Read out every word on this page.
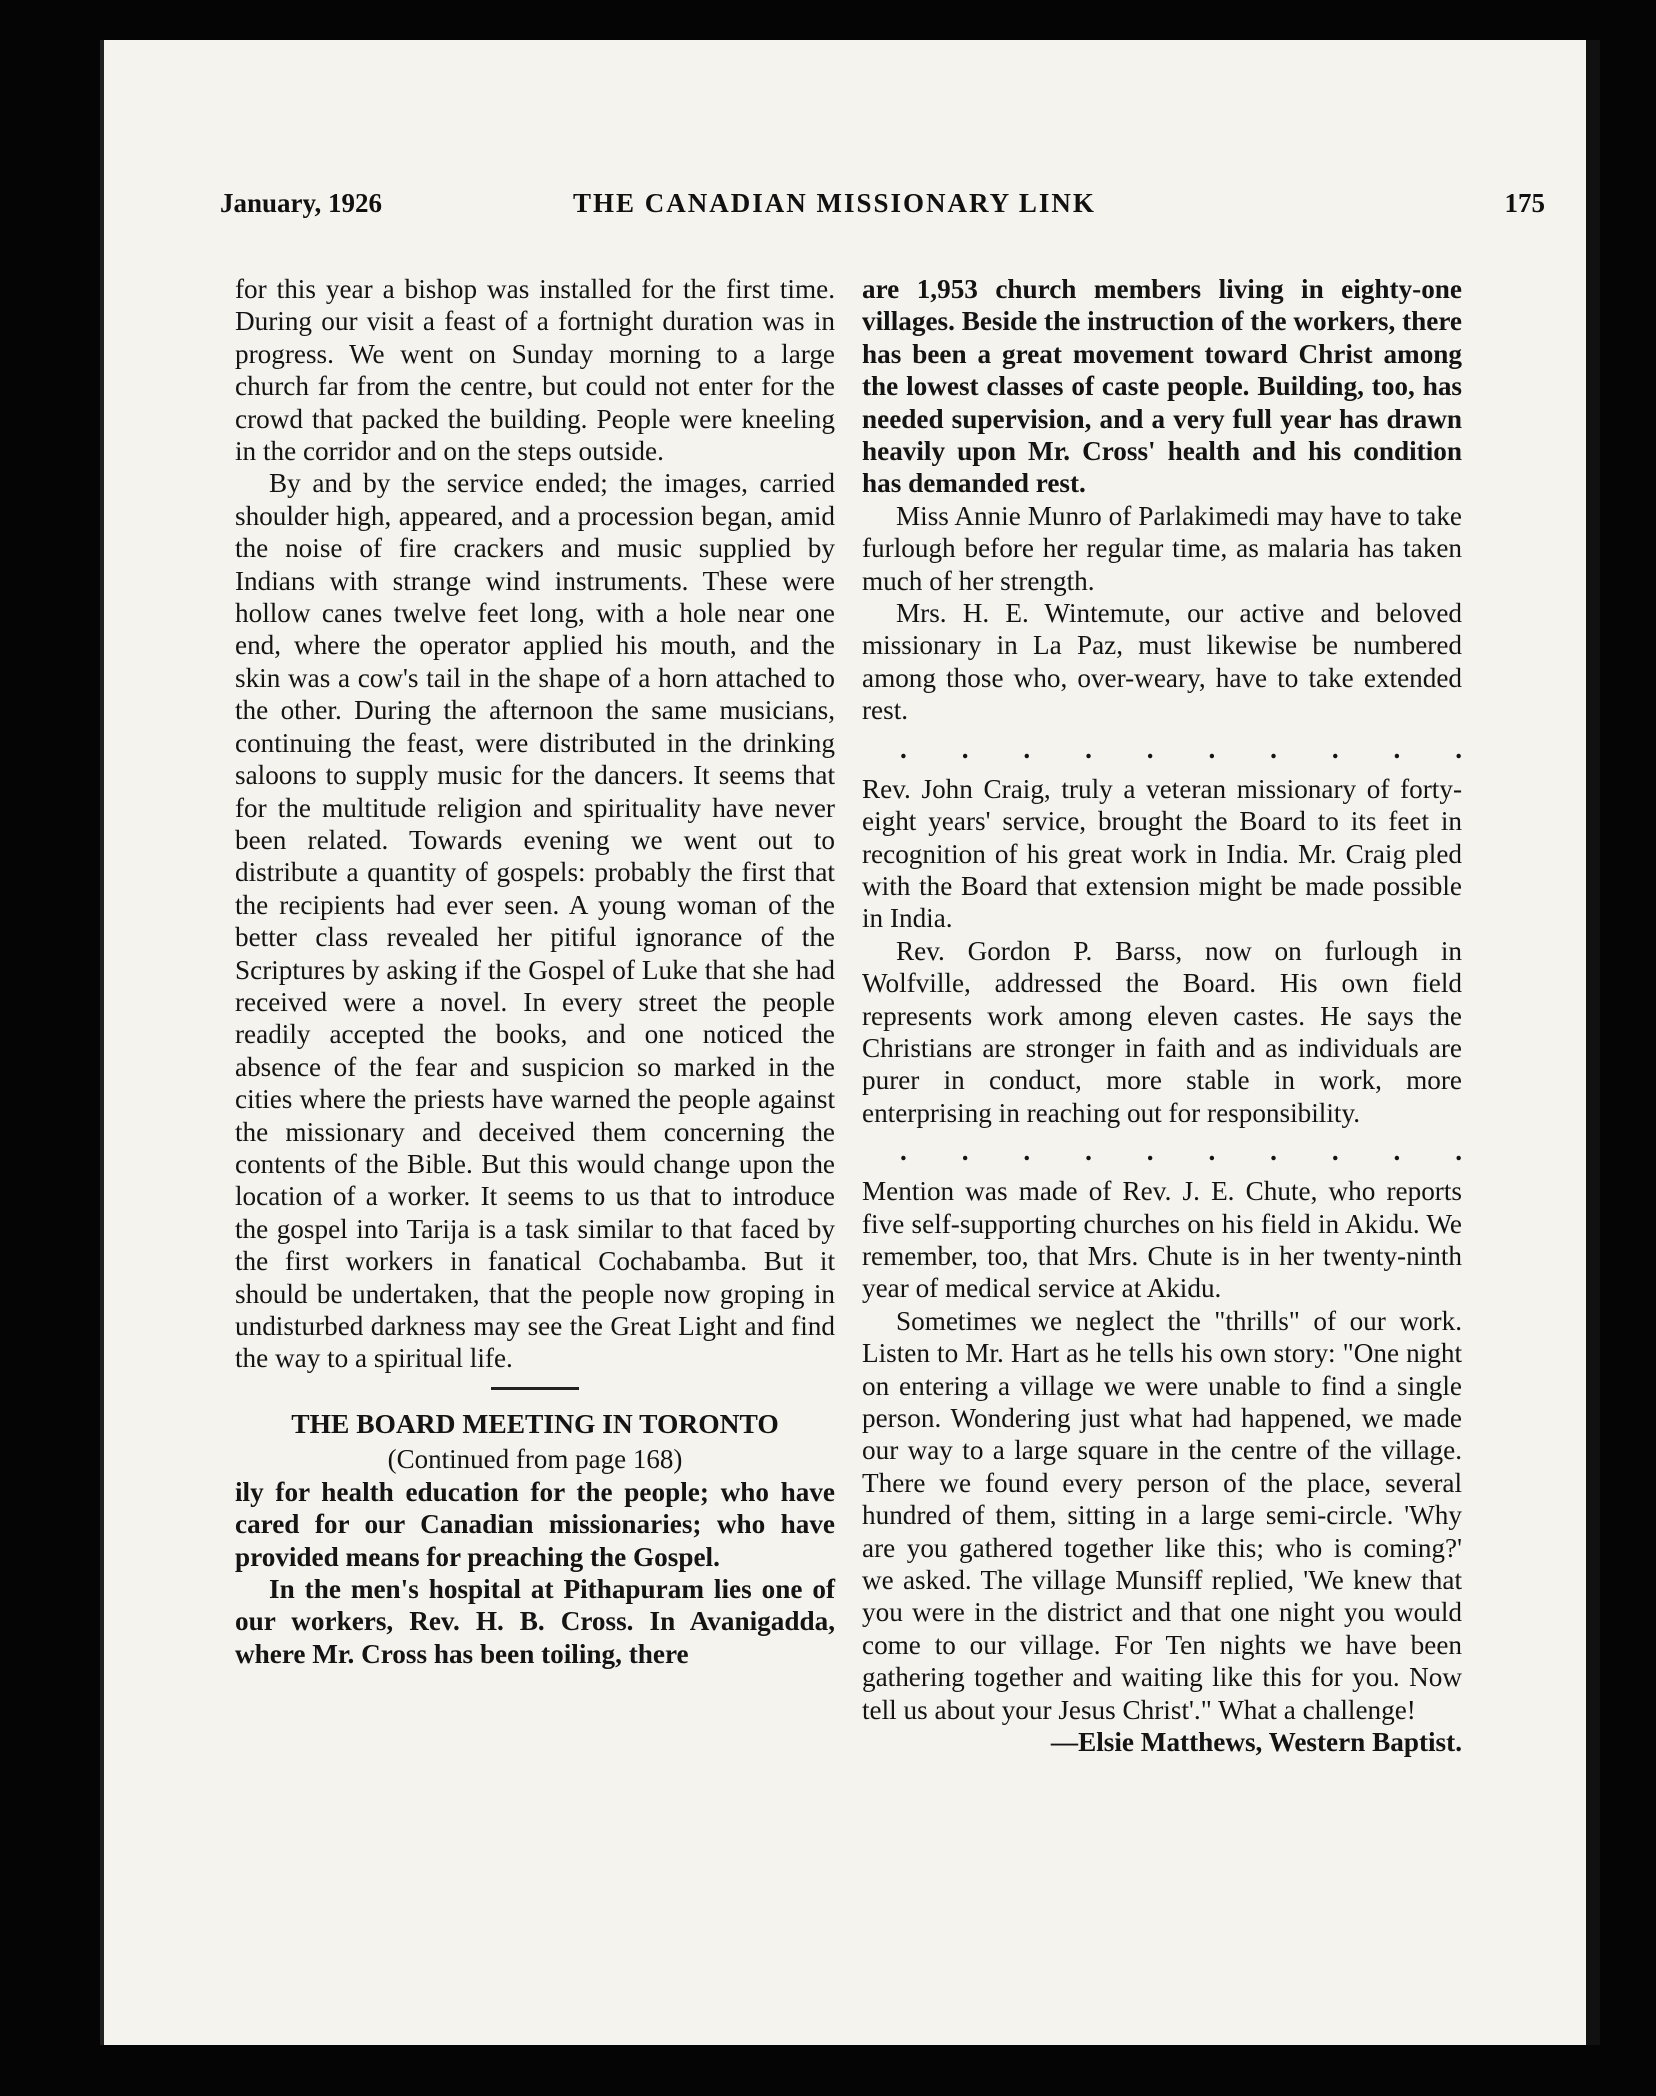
January, 1926	THE CANADIAN MISSIONARY LINK	175

for this year a bishop was installed for the first time. During our visit a feast of a fortnight duration was in progress. We went on Sunday morning to a large church far from the centre, but could not enter for the crowd that packed the building. People were kneeling in the corridor and on the steps outside.

By and by the service ended; the images, carried shoulder high, appeared, and a procession began, amid the noise of fire crackers and music supplied by Indians with strange wind instruments. These were hollow canes twelve feet long, with a hole near one end, where the operator applied his mouth, and the skin was a cow's tail in the shape of a horn attached to the other. During the afternoon the same musicians, continuing the feast, were distributed in the drinking saloons to supply music for the dancers. It seems that for the multitude religion and spirituality have never been related. Towards evening we went out to distribute a quantity of gospels: probably the first that the recipients had ever seen. A young woman of the better class revealed her pitiful ignorance of the Scriptures by asking if the Gospel of Luke that she had received were a novel. In every street the people readily accepted the books, and one noticed the absence of the fear and suspicion so marked in the cities where the priests have warned the people against the missionary and deceived them concerning the contents of the Bible. But this would change upon the location of a worker. It seems to us that to introduce the gospel into Tarija is a task similar to that faced by the first workers in fanatical Cochabamba. But it should be undertaken, that the people now groping in undisturbed darkness may see the Great Light and find the way to a spiritual life.

THE BOARD MEETING IN TORONTO

(Continued from page 168)

ily for health education for the people; who have cared for our Canadian missionaries; who have provided means for preaching the Gospel.

In the men's hospital at Pithapuram lies one of our workers, Rev. H. B. Cross. In Avanigadda, where Mr. Cross has been toiling, there

are 1,953 church members living in eighty-one villages. Beside the instruction of the workers, there has been a great movement toward Christ among the lowest classes of caste people. Building, too, has needed supervision, and a very full year has drawn heavily upon Mr. Cross' health and his condition has demanded rest.

Miss Annie Munro of Parlakimedi may have to take furlough before her regular time, as malaria has taken much of her strength.

Mrs. H. E. Wintemute, our active and beloved missionary in La Paz, must likewise be numbered among those who, over-weary, have to take extended rest.

. . . . . . . . . .

Rev. John Craig, truly a veteran missionary of forty-eight years' service, brought the Board to its feet in recognition of his great work in India. Mr. Craig pled with the Board that extension might be made possible in India.

Rev. Gordon P. Barss, now on furlough in Wolfville, addressed the Board. His own field represents work among eleven castes. He says the Christians are stronger in faith and as individuals are purer in conduct, more stable in work, more enterprising in reaching out for responsibility.

. . . . . . . . . .

Mention was made of Rev. J. E. Chute, who reports five self-supporting churches on his field in Akidu. We remember, too, that Mrs. Chute is in her twenty-ninth year of medical service at Akidu.

Sometimes we neglect the "thrills" of our work. Listen to Mr. Hart as he tells his own story: "One night on entering a village we were unable to find a single person. Wondering just what had happened, we made our way to a large square in the centre of the village. There we found every person of the place, several hundred of them, sitting in a large semi-circle. 'Why are you gathered together like this; who is coming?' we asked. The village Munsiff replied, 'We knew that you were in the district and that one night you would come to our village. For Ten nights we have been gathering together and waiting like this for you. Now tell us about your Jesus Christ'." What a challenge!

—Elsie Matthews, Western Baptist.
